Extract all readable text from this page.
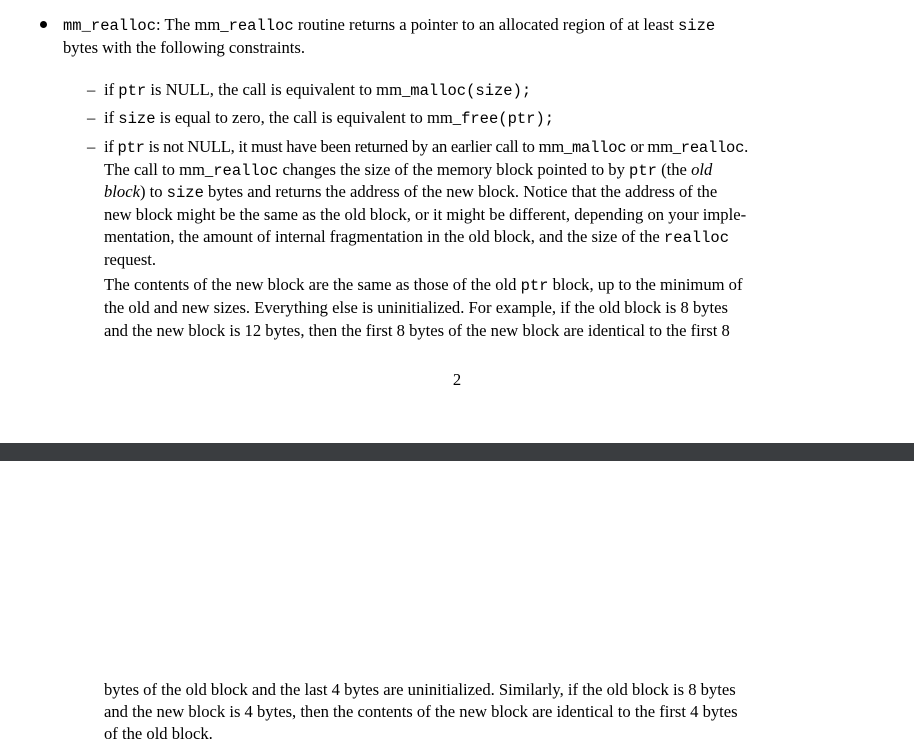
mm_realloc: The mm_realloc routine returns a pointer to an allocated region of at least size
bytes with the following constraints.
– if ptr is NULL, the call is equivalent to mm_malloc(size);
– if size is equal to zero, the call is equivalent to mm_free(ptr);
– if ptr is not NULL, it must have been returned by an earlier call to mm_malloc or mm_realloc.
The call to mm_realloc changes the size of the memory block pointed to by ptr (the old
block) to size bytes and returns the address of the new block. Notice that the address of the
new block might be the same as the old block, or it might be different, depending on your imple-
mentation, the amount of internal fragmentation in the old block, and the size of the realloc
request.
The contents of the new block are the same as those of the old ptr block, up to the minimum of
the old and new sizes. Everything else is uninitialized. For example, if the old block is 8 bytes
and the new block is 12 bytes, then the first 8 bytes of the new block are identical to the first 8
2
bytes of the old block and the last 4 bytes are uninitialized. Similarly, if the old block is 8 bytes
and the new block is 4 bytes, then the contents of the new block are identical to the first 4 bytes
of the old block.
